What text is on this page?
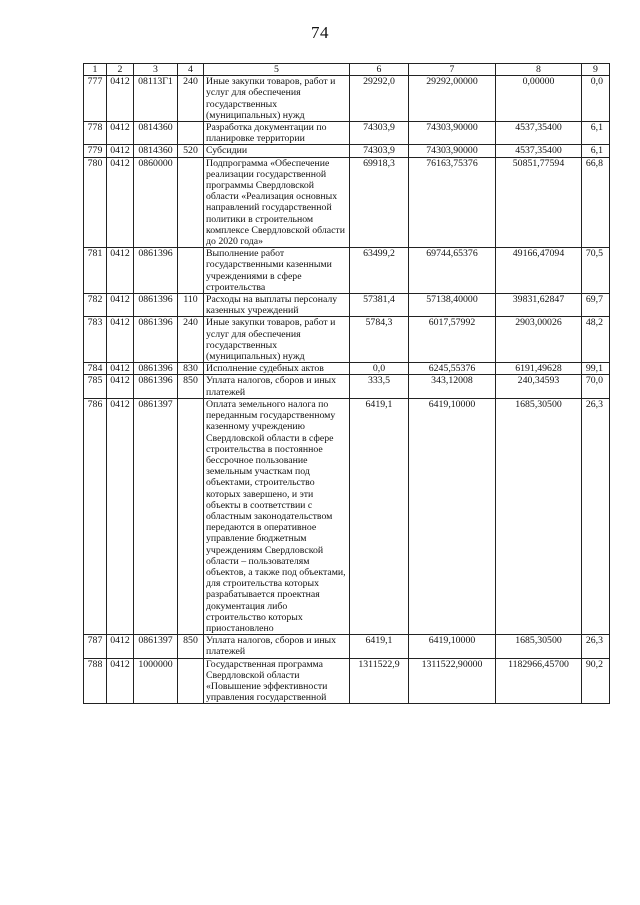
74
1	2	3	4	5	6	7	8	9
777	0412	08113Г1	240	Иные закупки товаров, работ и услуг для обеспечения государственных (муниципальных) нужд	29292,0	29292,00000	0,00000	0,0
778	0412	0814360		Разработка документации по планировке территории	74303,9	74303,90000	4537,35400	6,1
779	0412	0814360	520	Субсидии	74303,9	74303,90000	4537,35400	6,1
780	0412	0860000		Подпрограмма «Обеспечение реализации государственной программы Свердловской области «Реализация основных направлений государственной политики в строительном комплексе Свердловской области до 2020 года»	69918,3	76163,75376	50851,77594	66,8
781	0412	0861396		Выполнение работ государственными казенными учреждениями в сфере строительства	63499,2	69744,65376	49166,47094	70,5
782	0412	0861396	110	Расходы на выплаты персоналу казенных учреждений	57381,4	57138,40000	39831,62847	69,7
783	0412	0861396	240	Иные закупки товаров, работ и услуг для обеспечения государственных (муниципальных) нужд	5784,3	6017,57992	2903,00026	48,2
784	0412	0861396	830	Исполнение судебных актов	0,0	6245,55376	6191,49628	99,1
785	0412	0861396	850	Уплата налогов, сборов и иных платежей	333,5	343,12008	240,34593	70,0
786	0412	0861397		Оплата земельного налога по переданным государственному казенному учреждению Свердловской области в сфере строительства в постоянное бессрочное пользование земельным участкам под объектами, строительство которых завершено, и эти объекты в соответствии с областным законодательством передаются в оперативное управление бюджетным учреждениям Свердловской области – пользователям объектов, а также под объектами, для строительства которых разрабатывается проектная документация либо строительство которых приостановлено	6419,1	6419,10000	1685,30500	26,3
787	0412	0861397	850	Уплата налогов, сборов и иных платежей	6419,1	6419,10000	1685,30500	26,3
788	0412	1000000		Государственная программа Свердловской области «Повышение эффективности управления государственной	1311522,9	1311522,90000	1182966,45700	90,2
